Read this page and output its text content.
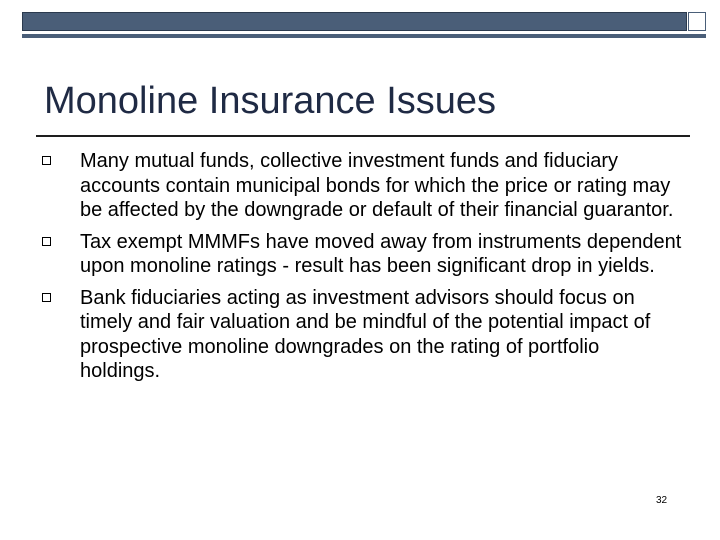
Monoline Insurance Issues
Many mutual funds, collective investment funds and fiduciary accounts contain municipal bonds for which the price or rating may be affected by the downgrade or default of their financial guarantor.
Tax exempt MMMFs have moved away from instruments dependent upon monoline ratings - result has been significant drop in yields.
Bank fiduciaries acting as investment advisors should focus on timely and fair valuation and be mindful of the potential impact of prospective monoline downgrades on the rating of portfolio holdings.
32
